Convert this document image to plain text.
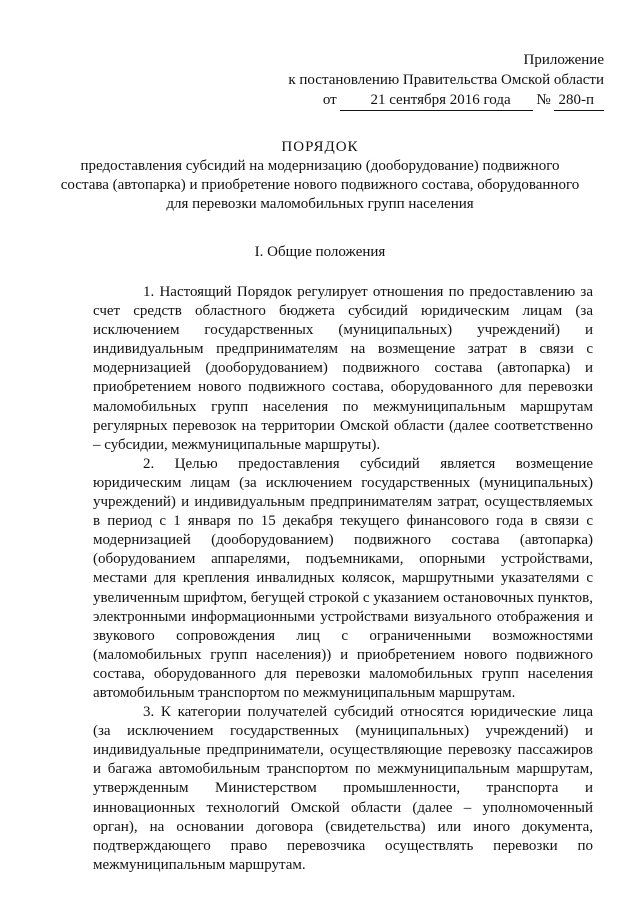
Приложение
к постановлению Правительства Омской области
от 21 сентября 2016 года № 280-п
ПОРЯДОК
предоставления субсидий на модернизацию (дооборудование) подвижного состава (автопарка) и приобретение нового подвижного состава, оборудованного для перевозки маломобильных групп населения
I. Общие положения

1. Настоящий Порядок регулирует отношения по предоставлению за счет средств областного бюджета субсидий юридическим лицам (за исключением государственных (муниципальных) учреждений) и индивидуальным предпринимателям на возмещение затрат в связи с модернизацией (дооборудованием) подвижного состава (автопарка) и приобретением нового подвижного состава, оборудованного для перевозки маломобильных групп населения по межмуниципальным маршрутам регулярных перевозок на территории Омской области (далее соответственно – субсидии, межмуниципальные маршруты).

2. Целью предоставления субсидий является возмещение юридическим лицам (за исключением государственных (муниципальных) учреждений) и индивидуальным предпринимателям затрат, осуществляемых в период с 1 января по 15 декабря текущего финансового года в связи с модернизацией (дооборудованием) подвижного состава (автопарка) (оборудованием аппарелями, подъемниками, опорными устройствами, местами для крепления инвалидных колясок, маршрутными указателями с увеличенным шрифтом, бегущей строкой с указанием остановочных пунктов, электронными информационными устройствами визуального отображения и звукового сопровождения лиц с ограниченными возможностями (маломобильных групп населения)) и приобретением нового подвижного состава, оборудованного для перевозки маломобильных групп населения автомобильным транспортом по межмуниципальным маршрутам.

3. К категории получателей субсидий относятся юридические лица (за исключением государственных (муниципальных) учреждений) и индивидуальные предприниматели, осуществляющие перевозку пассажиров и багажа автомобильным транспортом по межмуниципальным маршрутам, утвержденным Министерством промышленности, транспорта и инновационных технологий Омской области (далее – уполномоченный орган), на основании договора (свидетельства) или иного документа, подтверждающего право перевозчика осуществлять перевозки по межмуниципальным маршрутам.
